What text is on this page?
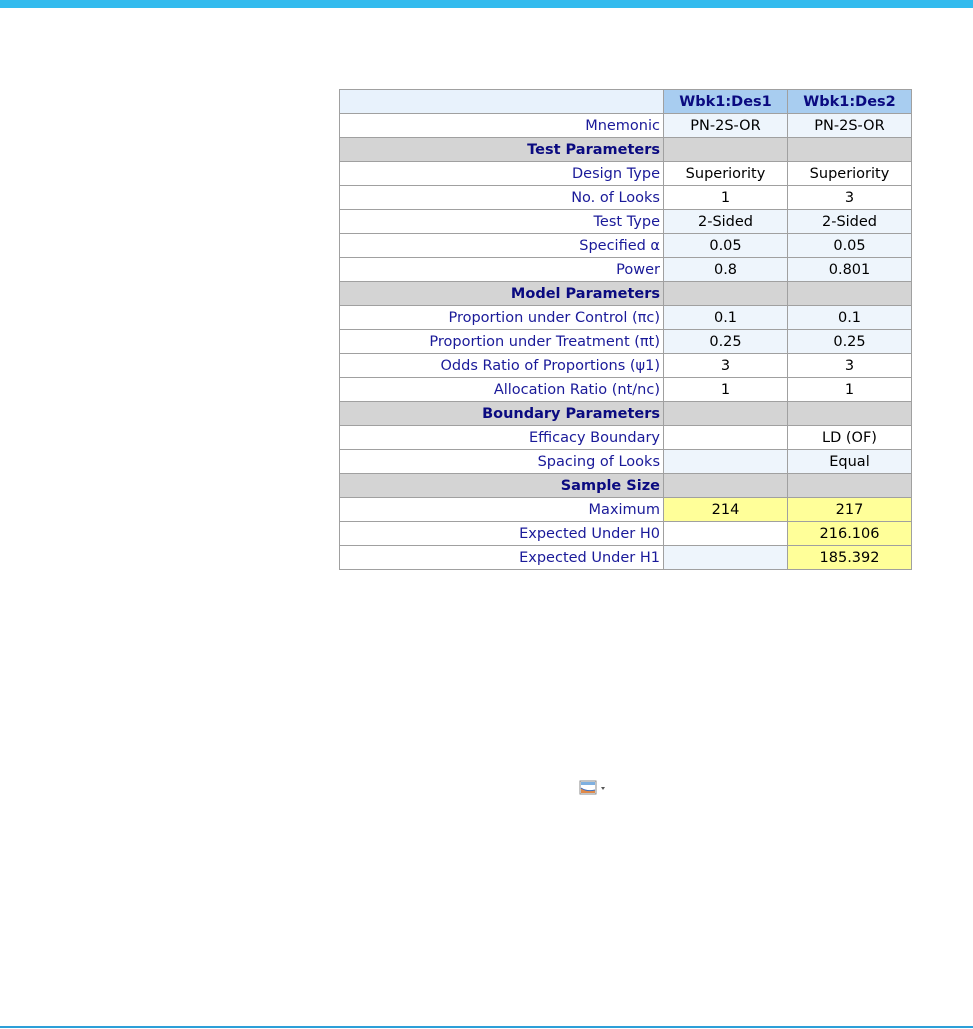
	Wbk1:Des1	Wbk1:Des2
Mnemonic	PN-2S-OR	PN-2S-OR
Test Parameters		
Design Type	Superiority	Superiority
No. of Looks	1	3
Test Type	2-Sided	2-Sided
Specified α	0.05	0.05
Power	0.8	0.801
Model Parameters		
Proportion under Control (πc)	0.1	0.1
Proportion under Treatment (πt)	0.25	0.25
Odds Ratio of Proportions (ψ1)	3	3
Allocation Ratio (nt/nc)	1	1
Boundary Parameters		
Efficacy Boundary		LD (OF)
Spacing of Looks		Equal
Sample Size		
Maximum	214	217
Expected Under H0		216.106
Expected Under H1		185.392
